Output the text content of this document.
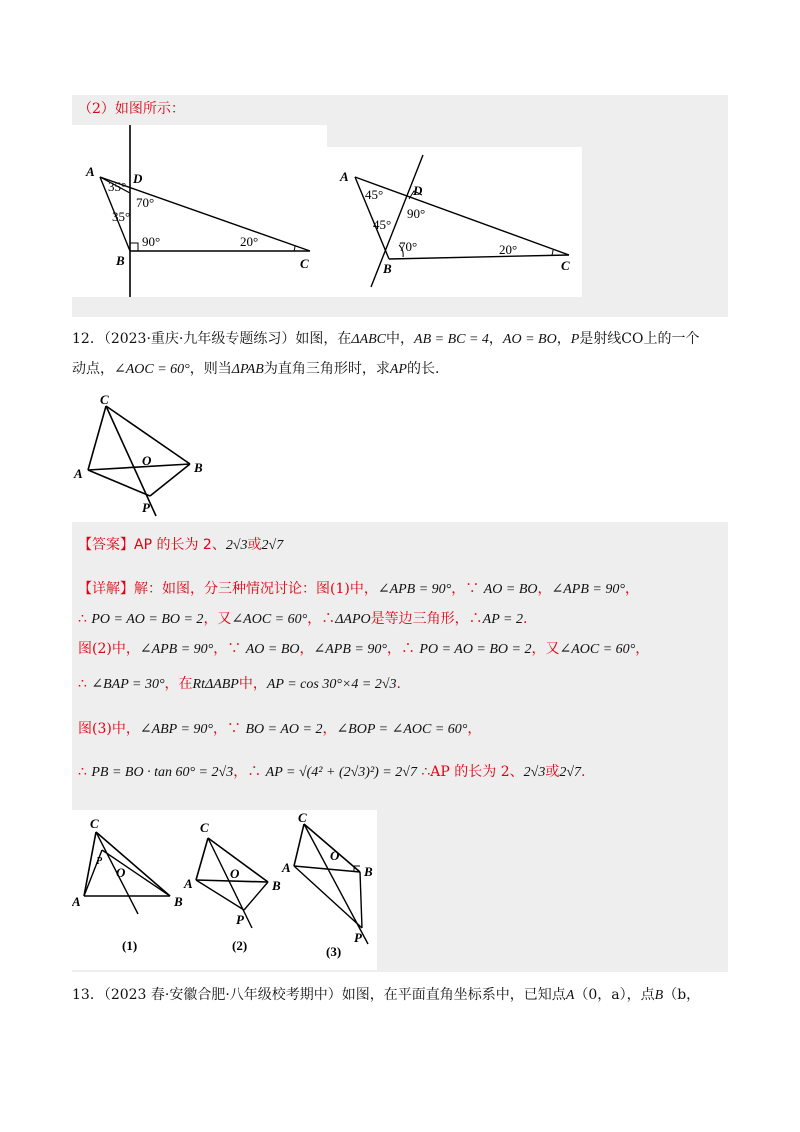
（2）如图所示：
A
B	C
D
35°
35°
70°
90°	20°
A
B	C
D
45°
45°
90°
70°	20°
12．（2023·重庆·九年级专题练习）如图，在ΔABC中，AB = BC = 4，AO = BO，P是射线CO上的一个
动点，∠AOC = 60°，则当ΔPAB为直角三角形时，求AP的长.
C
A
O	B
P
【答案】AP 的长为 2、2√3或2√7
【详解】解：如图，分三种情况讨论：图(1)中，∠APB = 90°，∵ AO = BO，∠APB = 90°，
∴ PO = AO = BO = 2，又∠AOC = 60°，∴ΔAPO是等边三角形，∴AP = 2.
图(2)中，∠APB = 90°，∵ AO = BO，∠APB = 90°，∴ PO = AO = BO = 2，又∠AOC = 60°，
∴ ∠BAP = 30°，在RtΔABP中，AP = cos 30°×4 = 2√3.
图(3)中，∠ABP = 90°，∵ BO = AO = 2，∠BOP = ∠AOC = 60°，
∴ PB = BO · tan 60° = 2√3，∴ AP = √(4² + (2√3)²) = 2√7 ∴AP 的长为 2、2√3或2√7.
C
P
O
A	B
(1)
C
A
O
B
P
(2)
C
A
O
B
P
(3)
13．（2023 春·安徽合肥·八年级校考期中）如图，在平面直角坐标系中，已知点A（0，a），点B（b，
